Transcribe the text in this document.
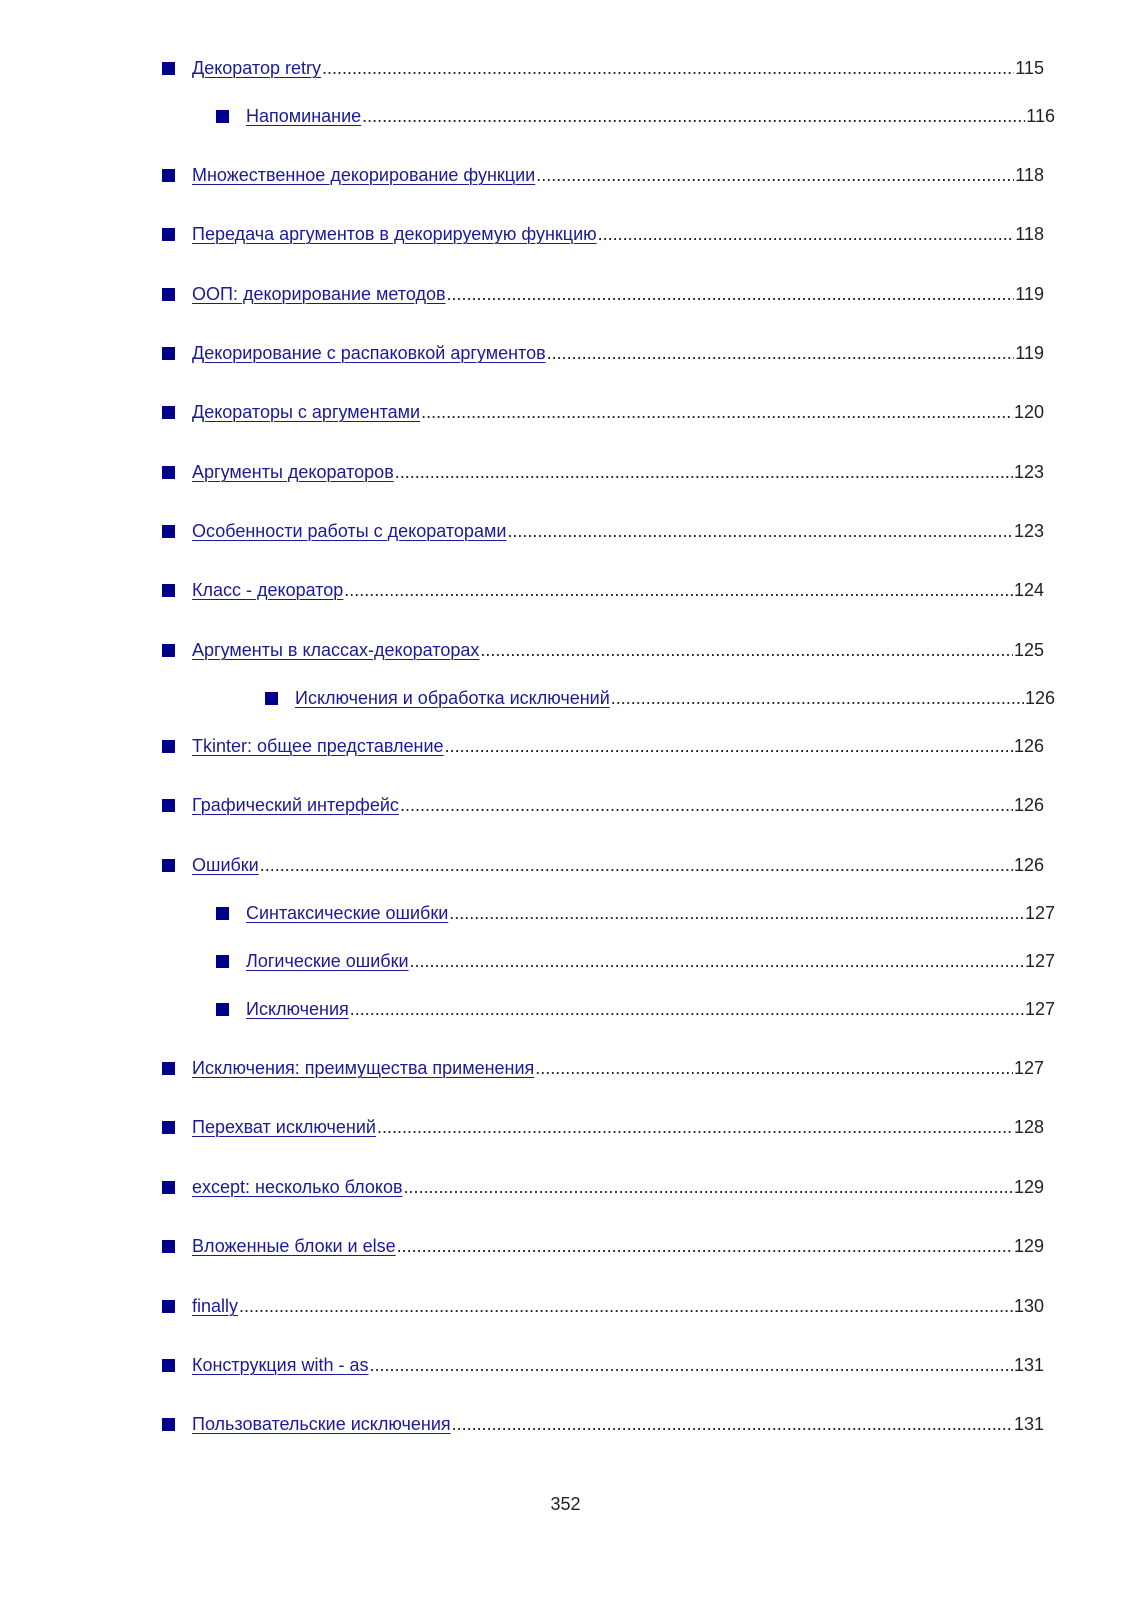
Декоратор retry .....	115
Напоминание .....	116
Множественное декорирование функции .....	118
Передача аргументов в декорируемую функцию .....	118
ООП: декорирование методов .....	119
Декорирование с распаковкой аргументов .....	119
Декораторы с аргументами .....	120
Аргументы декораторов .....	123
Особенности работы с декораторами .....	123
Класс - декоратор .....	124
Аргументы в классах-декораторах .....	125
Исключения и обработка исключений .....	126
Tkinter: общее представление .....	126
Графический интерфейс .....	126
Ошибки .....	126
Синтаксические ошибки .....	127
Логические ошибки .....	127
Исключения .....	127
Исключения: преимущества применения .....	127
Перехват исключений .....	128
except: несколько блоков .....	129
Вложенные блоки и else .....	129
finally .....	130
Конструкция with - as .....	131
Пользовательские исключения .....	131
352
